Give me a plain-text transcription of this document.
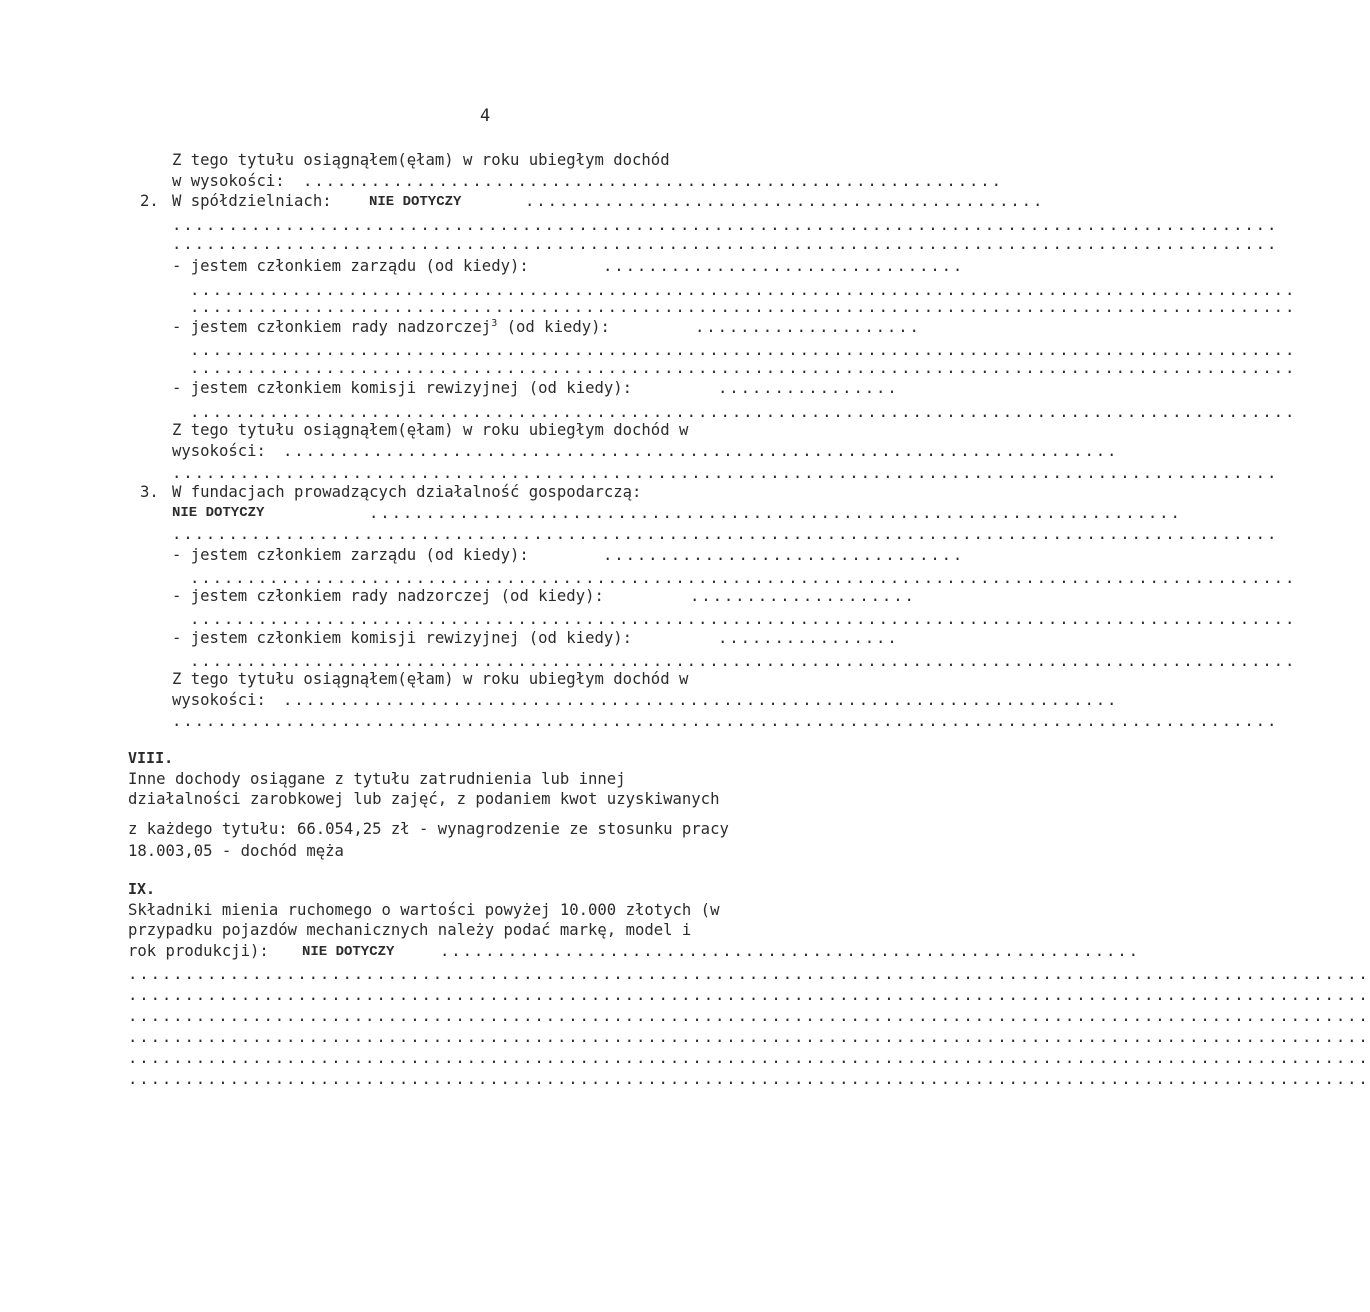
4
Z tego tytułu osiągnąłem(ęłam) w roku ubiegłym dochód
w wysokości: ..............................................................
2. W spółdzielniach:	NIE DOTYCZY	..............................................
..................................................................................................
..................................................................................................
- jestem członkiem zarządu (od kiedy):	................................
..................................................................................................
..................................................................................................
- jestem członkiem rady nadzorczej$^3$ (od kiedy):	....................
..................................................................................................
..................................................................................................
- jestem członkiem komisji rewizyjnej (od kiedy):	................
..................................................................................................
Z tego tytułu osiągnąłem(ęłam) w roku ubiegłym dochód w
wysokości: ..........................................................................
..................................................................................................
3. W fundacjach prowadzących działalność gospodarczą:
NIE DOTYCZY	........................................................................
..................................................................................................
- jestem członkiem zarządu (od kiedy):	................................
..................................................................................................
- jestem członkiem rady nadzorczej (od kiedy):	....................
..................................................................................................
- jestem członkiem komisji rewizyjnej (od kiedy):	................
..................................................................................................
Z tego tytułu osiągnąłem(ęłam) w roku ubiegłym dochód w
wysokości: ..........................................................................
..................................................................................................
VIII.
Inne dochody osiągane z tytułu zatrudnienia lub innej
działalności zarobkowej lub zajęć, z podaniem kwot uzyskiwanych
z każdego tytułu: 66.054,25 zł - wynagrodzenie ze stosunku pracy
18.003,05 - dochód męża
IX.
Składniki mienia ruchomego o wartości powyżej 10.000 złotych (w
przypadku pojazdów mechanicznych należy podać markę, model i
rok produkcji): NIE DOTYCZY	..............................................................
..............................................................................................................
..............................................................................................................
..............................................................................................................
..............................................................................................................
..............................................................................................................
..............................................................................................................
